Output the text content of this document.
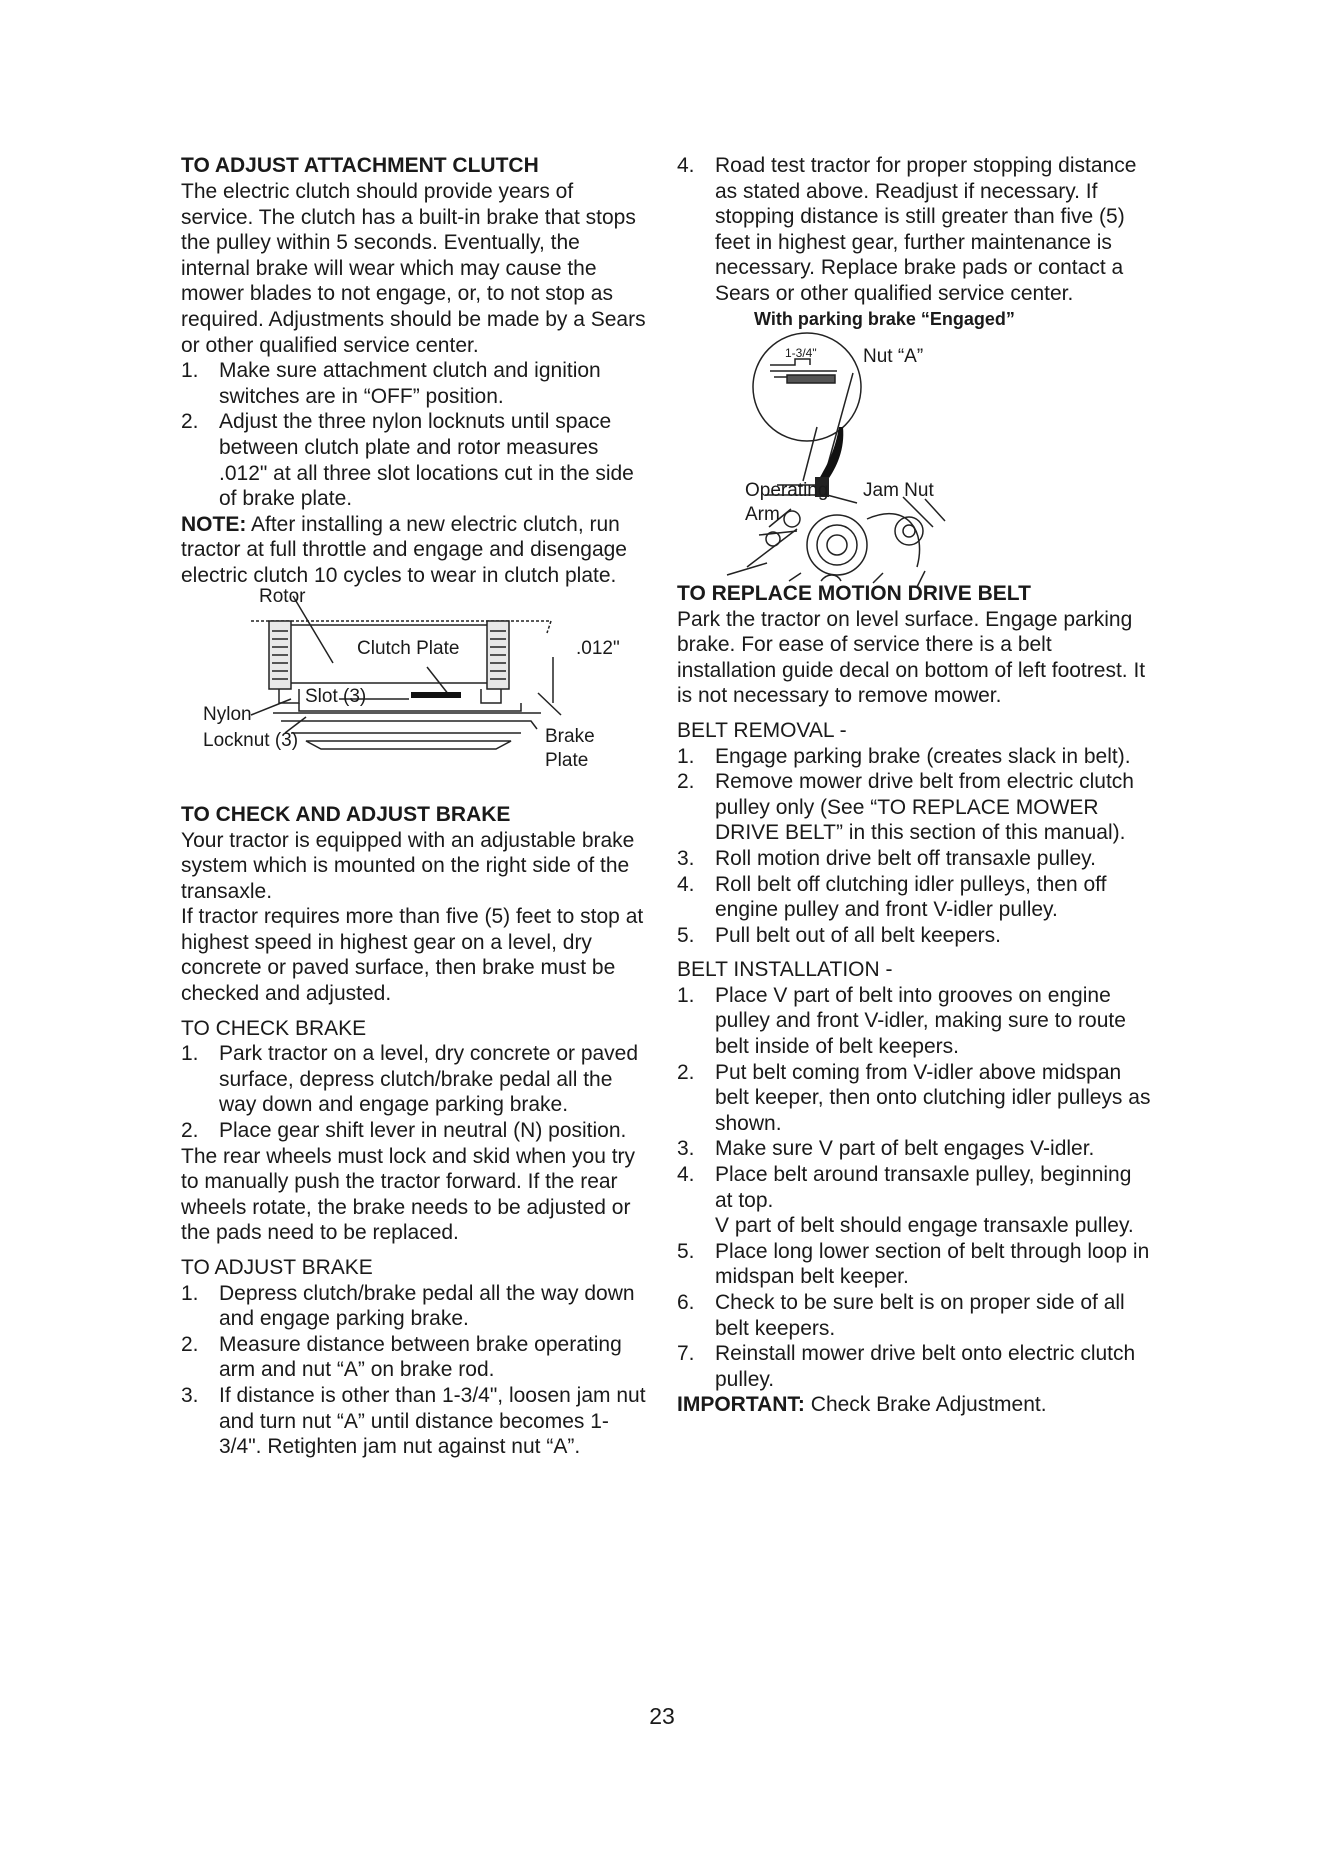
TO ADJUST ATTACHMENT CLUTCH

The electric clutch should provide years of service. The clutch has a built-in brake that stops the pulley within 5 seconds. Eventually, the internal brake will wear which may cause the mower blades to not engage, or, to not stop as required. Adjustments should be made by a Sears or other qualified service center.

1. Make sure attachment clutch and ignition switches are in “OFF” position.
2. Adjust the three nylon locknuts until space between clutch plate and rotor measures .012" at all three slot locations cut in the side of brake plate.

NOTE: After installing a new electric clutch, run tractor at full throttle and engage and disengage electric clutch 10 cycles to wear in clutch plate.

Rotor
Clutch Plate	.012"
Slot (3)
Nylon
Locknut (3)	Brake
Plate
TO CHECK AND ADJUST BRAKE

Your tractor is equipped with an adjustable brake system which is mounted on the right side of the transaxle.

If tractor requires more than five (5) feet to stop at highest speed in highest gear on a level, dry concrete or paved surface, then brake must be checked and adjusted.

TO CHECK BRAKE

1. Park tractor on a level, dry concrete or paved surface, depress clutch/brake pedal all the way down and engage parking brake.
2. Place gear shift lever in neutral (N) position.

The rear wheels must lock and skid when you try to manually push the tractor forward. If the rear wheels rotate, the brake needs to be adjusted or the pads need to be replaced.

TO ADJUST BRAKE

1. Depress clutch/brake pedal all the way down and engage parking brake.
2. Measure distance between brake operating arm and nut “A” on brake rod.
3. If distance is other than 1-3/4", loosen jam nut and turn nut “A” until distance becomes 1-3/4". Retighten jam nut against nut “A”.
4. Road test tractor for proper stopping distance as stated above. Readjust if necessary. If stopping distance is still greater than five (5) feet in highest gear, further maintenance is necessary. Replace brake pads or contact a Sears or other qualified service center.
With parking brake “Engaged”
1-3/4" Nut “A”
Operating
Arm
Jam Nut
TO REPLACE MOTION DRIVE BELT

Park the tractor on level surface. Engage parking brake. For ease of service there is a belt installation guide decal on bottom of left footrest. It is not necessary to remove mower.

BELT REMOVAL -

1. Engage parking brake (creates slack in belt).
2. Remove mower drive belt from electric clutch pulley only (See “TO REPLACE MOWER DRIVE BELT” in this section of this manual).
3. Roll motion drive belt off transaxle pulley.
4. Roll belt off clutching idler pulleys, then off engine pulley and front V-idler pulley.
5. Pull belt out of all belt keepers.

BELT INSTALLATION -

1. Place V part of belt into grooves on engine pulley and front V-idler, making sure to route belt inside of belt keepers.
2. Put belt coming from V-idler above midspan belt keeper, then onto clutching idler pulleys as shown.
3. Make sure V part of belt engages V-idler.
4. Place belt around transaxle pulley, beginning at top.
V part of belt should engage transaxle pulley.
5. Place long lower section of belt through loop in midspan belt keeper.
6. Check to be sure belt is on proper side of all belt keepers.
7. Reinstall mower drive belt onto electric clutch pulley.

IMPORTANT: Check Brake Adjustment.

23
